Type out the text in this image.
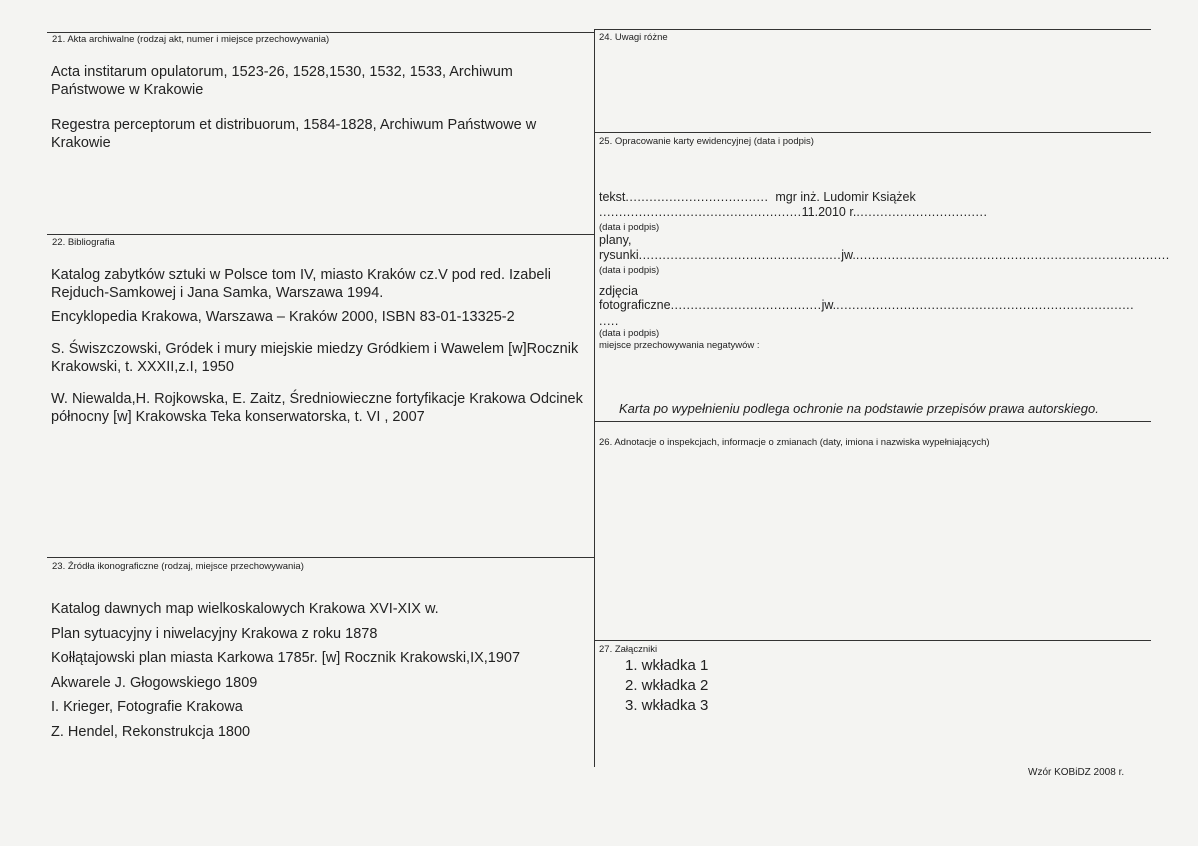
21. Akta archiwalne (rodzaj akt, numer i miejsce przechowywania)

Acta institarum opulatorum, 1523-26, 1528,1530, 1532, 1533, Archiwum Państwowe w Krakowie

Regestra perceptorum et distribuorum, 1584-1828, Archiwum Państwowe w Krakowie

22. Bibliografia

Katalog zabytków sztuki w Polsce tom IV, miasto Kraków cz.V pod red. Izabeli Rejduch-Samkowej i Jana Samka, Warszawa 1994.

Encyklopedia Krakowa, Warszawa – Kraków 2000, ISBN 83-01-13325-2

S. Świszczowski, Gródek i mury miejskie miedzy Gródkiem i Wawelem [w]Rocznik Krakowski, t. XXXII,z.I, 1950

W. Niewalda,H. Rojkowska, E. Zaitz, Średniowieczne fortyfikacje Krakowa Odcinek północny [w] Krakowska Teka konserwatorska, t. VI , 2007

23. Źródła ikonograficzne (rodzaj, miejsce przechowywania)

Katalog dawnych map wielkoskalowych Krakowa XVI-XIX w.

Plan sytuacyjny i niwelacyjny Krakowa z roku 1878

Kołłątajowski plan miasta Karkowa 1785r. [w] Rocznik Krakowski,IX,1907

Akwarele J. Głogowskiego 1809

I. Krieger, Fotografie Krakowa

Z. Hendel, Rekonstrukcja 1800

24. Uwagi różne
25. Opracowanie karty ewidencyjnej (data i podpis)
tekst.................................... mgr inż. Ludomir Książek
...................................................11.2010 r..................................
(data i podpis)
plany,
rysunki...................................................jw................................................................................
(data i podpis)
zdjęcia
fotograficzne......................................jw............................................................................
.....
(data i podpis)
miejsce przechowywania negatywów :
Karta po wypełnieniu podlega ochronie na podstawie przepisów prawa autorskiego.
26. Adnotacje o inspekcjach, informacje o zmianach (daty, imiona i nazwiska wypełniających)
27. Załączniki
1. wkładka 1
2. wkładka 2
3. wkładka 3
Wzór KOBiDZ 2008 r.
